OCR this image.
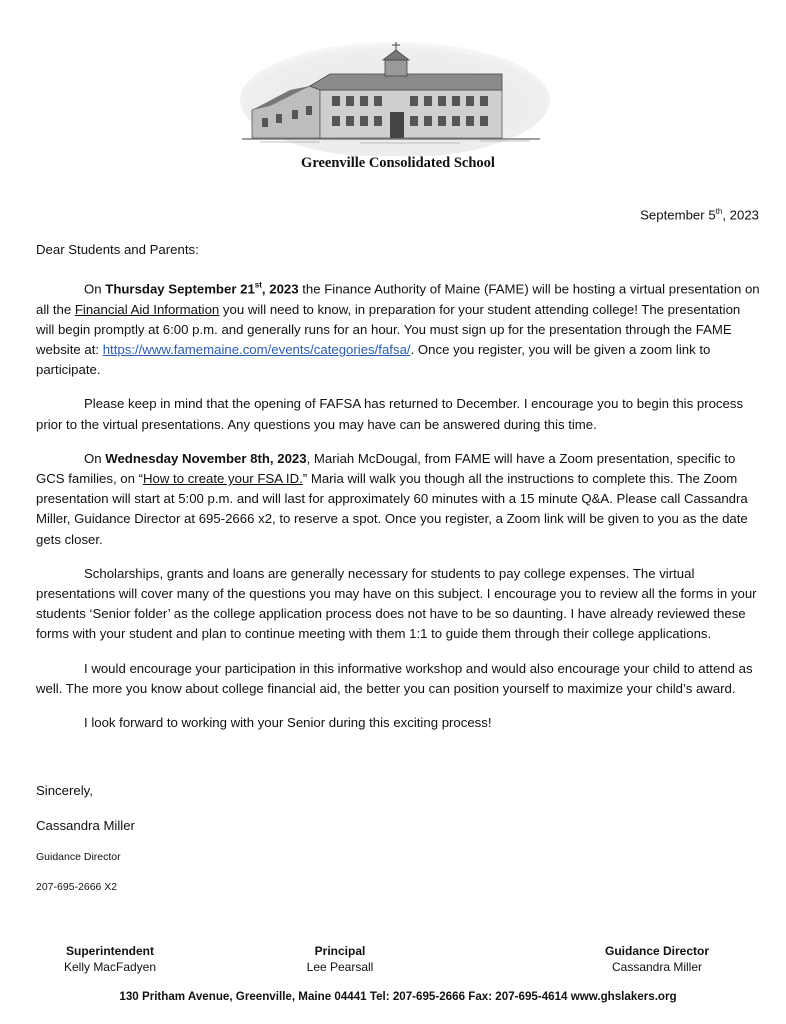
Greenville Consolidated School
September 5th, 2023
Dear Students and Parents:

On Thursday September 21st, 2023 the Finance Authority of Maine (FAME) will be hosting a virtual presentation on all the Financial Aid Information you will need to know, in preparation for your student attending college! The presentation will begin promptly at 6:00 p.m. and generally runs for an hour. You must sign up for the presentation through the FAME website at: https://www.famemaine.com/events/categories/fafsa/. Once you register, you will be given a zoom link to participate.

Please keep in mind that the opening of FAFSA has returned to December. I encourage you to begin this process prior to the virtual presentations. Any questions you may have can be answered during this time.

On Wednesday November 8th, 2023, Mariah McDougal, from FAME will have a Zoom presentation, specific to GCS families, on “How to create your FSA ID.” Maria will walk you though all the instructions to complete this. The Zoom presentation will start at 5:00 p.m. and will last for approximately 60 minutes with a 15 minute Q&A. Please call Cassandra Miller, Guidance Director at 695-2666 x2, to reserve a spot. Once you register, a Zoom link will be given to you as the date gets closer.

Scholarships, grants and loans are generally necessary for students to pay college expenses. The virtual presentations will cover many of the questions you may have on this subject. I encourage you to review all the forms in your students ‘Senior folder’ as the college application process does not have to be so daunting. I have already reviewed these forms with your student and plan to continue meeting with them 1:1 to guide them through their college applications.

I would encourage your participation in this informative workshop and would also encourage your child to attend as well. The more you know about college financial aid, the better you can position yourself to maximize your child’s award.

I look forward to working with your Senior during this exciting process!

Sincerely,
Cassandra Miller
Guidance Director
207-695-2666 X2
Superintendent
Kelly MacFadyen
Principal
Lee Pearsall
Guidance Director
Cassandra Miller
130 Pritham Avenue, Greenville, Maine 04441 Tel: 207-695-2666 Fax: 207-695-4614 www.ghslakers.org
